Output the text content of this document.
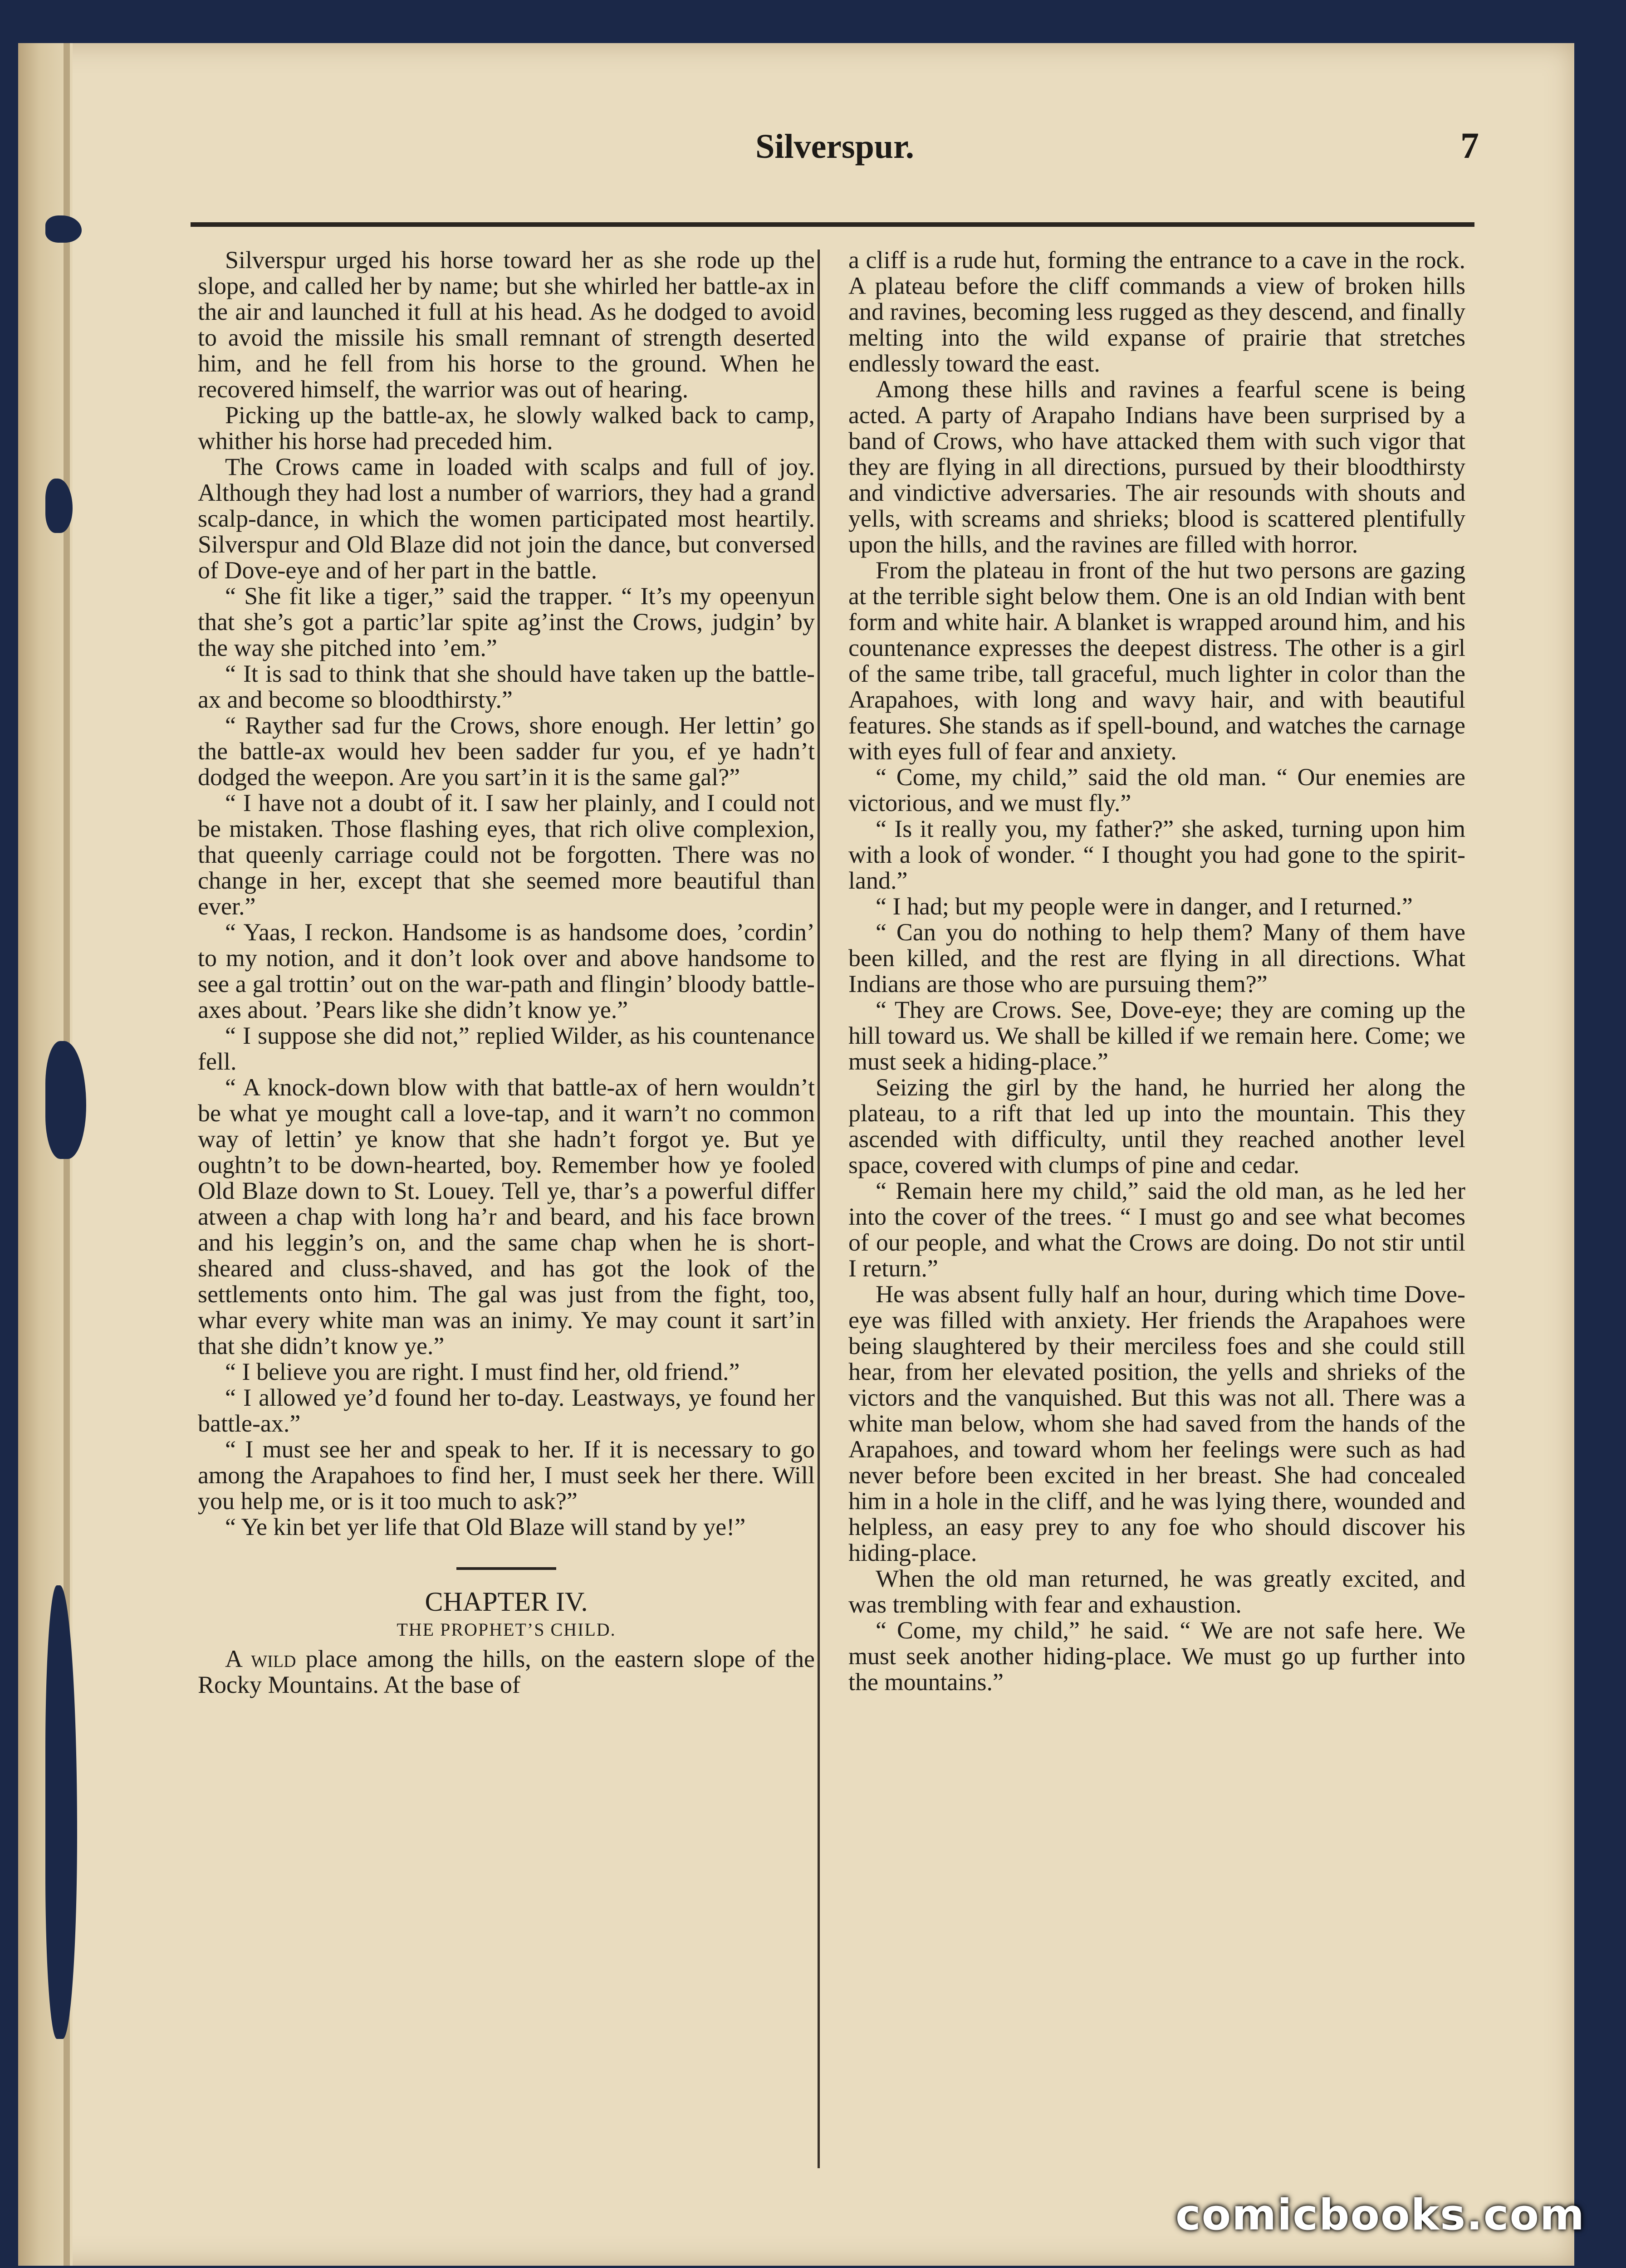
Silverspur.	7

Silverspur urged his horse toward her as she rode up the slope, and called her by name; but she whirled her battle-ax in the air and launched it full at his head. As he dodged to avoid to avoid the missile his small remnant of strength deserted him, and he fell from his horse to the ground. When he recovered himself, the warrior was out of hearing.

Picking up the battle-ax, he slowly walked back to camp, whither his horse had preceded him.

The Crows came in loaded with scalps and full of joy. Although they had lost a number of warriors, they had a grand scalp-dance, in which the women participated most heartily. Silverspur and Old Blaze did not join the dance, but conversed of Dove-eye and of her part in the battle.

“ She fit like a tiger,” said the trapper. “ It’s my opeenyun that she’s got a partic’lar spite ag’inst the Crows, judgin’ by the way she pitched into ’em.”

“ It is sad to think that she should have taken up the battle-ax and become so bloodthirsty.”

“ Rayther sad fur the Crows, shore enough. Her lettin’ go the battle-ax would hev been sadder fur you, ef ye hadn’t dodged the weepon. Are you sart’in it is the same gal?”

“ I have not a doubt of it. I saw her plainly, and I could not be mistaken. Those flashing eyes, that rich olive complexion, that queenly carriage could not be forgotten. There was no change in her, except that she seemed more beautiful than ever.”

“ Yaas, I reckon. Handsome is as handsome does, ’cordin’ to my notion, and it don’t look over and above handsome to see a gal trottin’ out on the war-path and flingin’ bloody battle-axes about. ’Pears like she didn’t know ye.”

“ I suppose she did not,” replied Wilder, as his countenance fell.

“ A knock-down blow with that battle-ax of hern wouldn’t be what ye mought call a love-tap, and it warn’t no common way of lettin’ ye know that she hadn’t forgot ye. But ye oughtn’t to be down-hearted, boy. Remember how ye fooled Old Blaze down to St. Louey. Tell ye, thar’s a powerful differ atween a chap with long ha’r and beard, and his face brown and his leggin’s on, and the same chap when he is short-sheared and cluss-shaved, and has got the look of the settlements onto him. The gal was just from the fight, too, whar every white man was an inimy. Ye may count it sart’in that she didn’t know ye.”

“ I believe you are right. I must find her, old friend.”

“ I allowed ye’d found her to-day. Leastways, ye found her battle-ax.”

“ I must see her and speak to her. If it is necessary to go among the Arapahoes to find her, I must seek her there. Will you help me, or is it too much to ask?”

“ Ye kin bet yer life that Old Blaze will stand by ye!”

CHAPTER IV.

THE PROPHET’S CHILD.

A wild place among the hills, on the eastern slope of the Rocky Mountains. At the base of

a cliff is a rude hut, forming the entrance to a cave in the rock. A plateau before the cliff commands a view of broken hills and ravines, becoming less rugged as they descend, and finally melting into the wild expanse of prairie that stretches endlessly toward the east.

Among these hills and ravines a fearful scene is being acted. A party of Arapaho Indians have been surprised by a band of Crows, who have attacked them with such vigor that they are flying in all directions, pursued by their bloodthirsty and vindictive adversaries. The air resounds with shouts and yells, with screams and shrieks; blood is scattered plentifully upon the hills, and the ravines are filled with horror.

From the plateau in front of the hut two persons are gazing at the terrible sight below them. One is an old Indian with bent form and white hair. A blanket is wrapped around him, and his countenance expresses the deepest distress. The other is a girl of the same tribe, tall graceful, much lighter in color than the Arapahoes, with long and wavy hair, and with beautiful features. She stands as if spell-bound, and watches the carnage with eyes full of fear and anxiety.

“ Come, my child,” said the old man. “ Our enemies are victorious, and we must fly.”

“ Is it really you, my father?” she asked, turning upon him with a look of wonder. “ I thought you had gone to the spirit-land.”

“ I had; but my people were in danger, and I returned.”

“ Can you do nothing to help them? Many of them have been killed, and the rest are flying in all directions. What Indians are those who are pursuing them?”

“ They are Crows. See, Dove-eye; they are coming up the hill toward us. We shall be killed if we remain here. Come; we must seek a hiding-place.”

Seizing the girl by the hand, he hurried her along the plateau, to a rift that led up into the mountain. This they ascended with difficulty, until they reached another level space, covered with clumps of pine and cedar.

“ Remain here my child,” said the old man, as he led her into the cover of the trees. “ I must go and see what becomes of our people, and what the Crows are doing. Do not stir until I return.”

He was absent fully half an hour, during which time Dove-eye was filled with anxiety. Her friends the Arapahoes were being slaughtered by their merciless foes and she could still hear, from her elevated position, the yells and shrieks of the victors and the vanquished. But this was not all. There was a white man below, whom she had saved from the hands of the Arapahoes, and toward whom her feelings were such as had never before been excited in her breast. She had concealed him in a hole in the cliff, and he was lying there, wounded and helpless, an easy prey to any foe who should discover his hiding-place.

When the old man returned, he was greatly excited, and was trembling with fear and exhaustion.

“ Come, my child,” he said. “ We are not safe here. We must seek another hiding-place. We must go up further into the mountains.”

comicbooks.com
